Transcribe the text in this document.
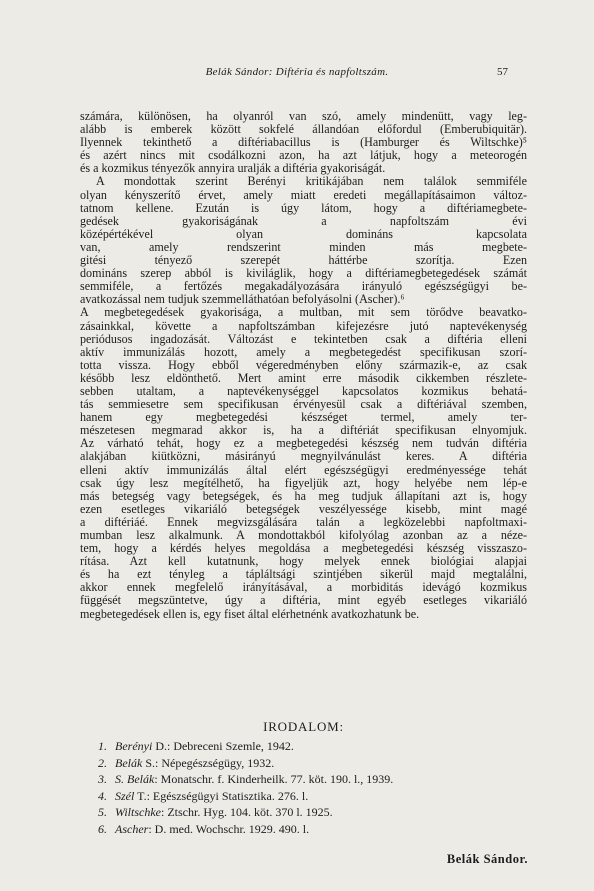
Belák Sándor: Diftéria és napfoltszám.	57
számára, különösen, ha olyanról van szó, amely mindenütt, vagy leg-
alább is emberek között sokfelé állandóan előfordul (Emberubiquitär).
Ilyennek tekinthető a diftériabacillus is (Hamburger és Wiltschke)⁵
és azért nincs mit csodálkozni azon, ha azt látjuk, hogy a meteorogén
és a kozmikus tényezők annyira uralják a diftéria gyakoriságát.
A mondottak szerint Berényi kritikájában nem találok semmiféle
olyan kényszerítő érvet, amely miatt eredeti megállapításaimon változ-
tatnom kellene. Ezután is úgy látom, hogy a diftériamegbete-
gedések gyakoriságának a napfoltszám évi
középértékével olyan domináns kapcsolata
van, amely rendszerint minden más megbete-
gitési tényező szerepét háttérbe szorítja. Ezen
domináns szerep abból is kiviláglik, hogy a diftériamegbetegedések számát
semmiféle, a fertőzés megakadályozására irányuló egészségügyi be-
avatkozással nem tudjuk szemmelláthatóan befolyásolni (Ascher).⁶
A megbetegedések gyakorisága, a multban, mit sem törődve beavatko-
zásainkkal, követte a napfoltszámban kifejezésre jutó naptevékenység
periódusos ingadozását. Változást e tekintetben csak a diftéria elleni
aktív immunizálás hozott, amely a megbetegedést specifikusan szorí-
totta vissza. Hogy ebből végeredményben előny származik-e, az csak
később lesz eldönthető. Mert amint erre második cikkemben részlete-
sebben utaltam, a naptevékenységgel kapcsolatos kozmikus behatá-
tás semmiesetre sem specifikusan érvényesül csak a diftériával szemben,
hanem egy megbetegedési készséget termel, amely ter-
mészetesen megmarad akkor is, ha a diftériát specifikusan elnyomjuk.
Az várható tehát, hogy ez a megbetegedési készség nem tudván diftéria
alakjában kiütközni, másirányú megnyilvánulást keres. A diftéria
elleni aktív immunizálás által elért egészségügyi eredményessége tehát
csak úgy lesz megítélhető, ha figyeljük azt, hogy helyébe nem lép-e
más betegség vagy betegségek, és ha meg tudjuk állapítani azt is, hogy
ezen esetleges vikariáló betegségek veszélyessége kisebb, mint magé
a diftériáé. Ennek megvizsgálására talán a legközelebbi napfoltmaxi-
mumban lesz alkalmunk. A mondottakból kifolyólag azonban az a néze-
tem, hogy a kérdés helyes megoldása a megbetegedési készség visszaszo-
rítása. Azt kell kutatnunk, hogy melyek ennek biológiai alapjai
és ha ezt tényleg a tápláltsági szintjében sikerül majd megtalálni,
akkor ennek megfelelő irányításával, a morbiditás idevágó kozmikus
függését megszüntetve, úgy a diftéria, mint egyéb esetleges vikariáló
megbetegedések ellen is, egy fiset által elérhetnénk avatkozhatunk be.
IRODALOM:
1. Berényi D.: Debreceni Szemle, 1942.
2. Belák S.: Népegészségügy, 1932.
3. S. Belák: Monatschr. f. Kinderheilk. 77. köt. 190. l., 1939.
4. Szél T.: Egészségügyi Statisztika. 276. l.
5. Wiltschke: Ztschr. Hyg. 104. köt. 370 l. 1925.
6. Ascher: D. med. Wochschr. 1929. 490. l.
Belák Sándor.
